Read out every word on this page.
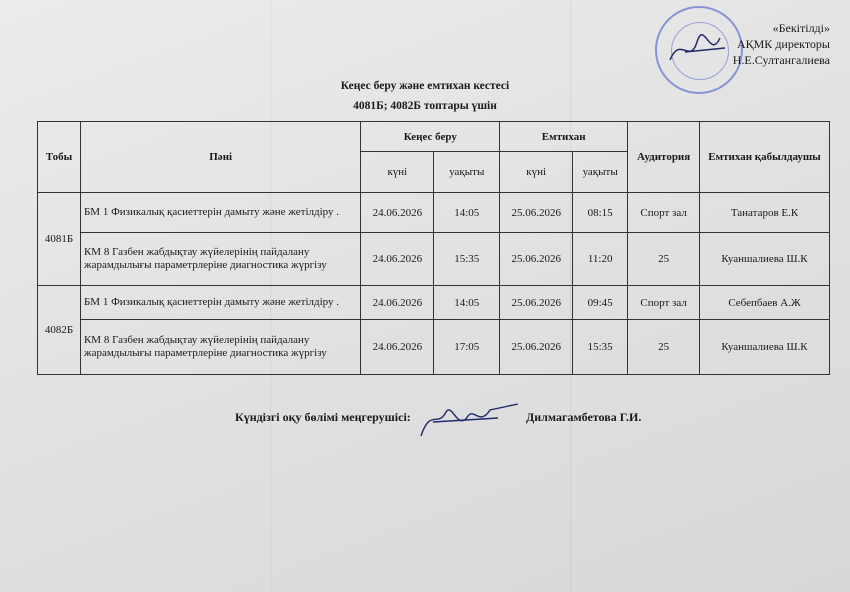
«Бекітілді»
АҚМК директоры
Н.Е.Султангалиева
Кеңес беру және емтихан кестесі
4081Б; 4082Б топтары үшін
Тобы	Пәні	Кеңес беру		Емтихан		Аудитория	Емтихан қабылдаушы
		күні	уақыты	күні	уақыты		
4081Б	БМ 1 Физикалық қасиеттерін дамыту және жетілдіру .	24.06.2026	14:05	25.06.2026	08:15	Спорт зал	Танатаров Е.К
	КМ 8 Газбен жабдықтау жүйелерінің пайдалану жарамдылығы параметрлеріне диагностика жүргізу	24.06.2026	15:35	25.06.2026	11:20	25	Куаншалиева Ш.К
4082Б	БМ 1 Физикалық қасиеттерін дамыту және жетілдіру .	24.06.2026	14:05	25.06.2026	09:45	Спорт зал	Себепбаев А.Ж
	КМ 8 Газбен жабдықтау жүйелерінің пайдалану жарамдылығы параметрлеріне диагностика жүргізу	24.06.2026	17:05	25.06.2026	15:35	25	Куаншалиева Ш.К
Күндізгі оқу бөлімі меңгерушісі:	Дилмагамбетова Г.И.
